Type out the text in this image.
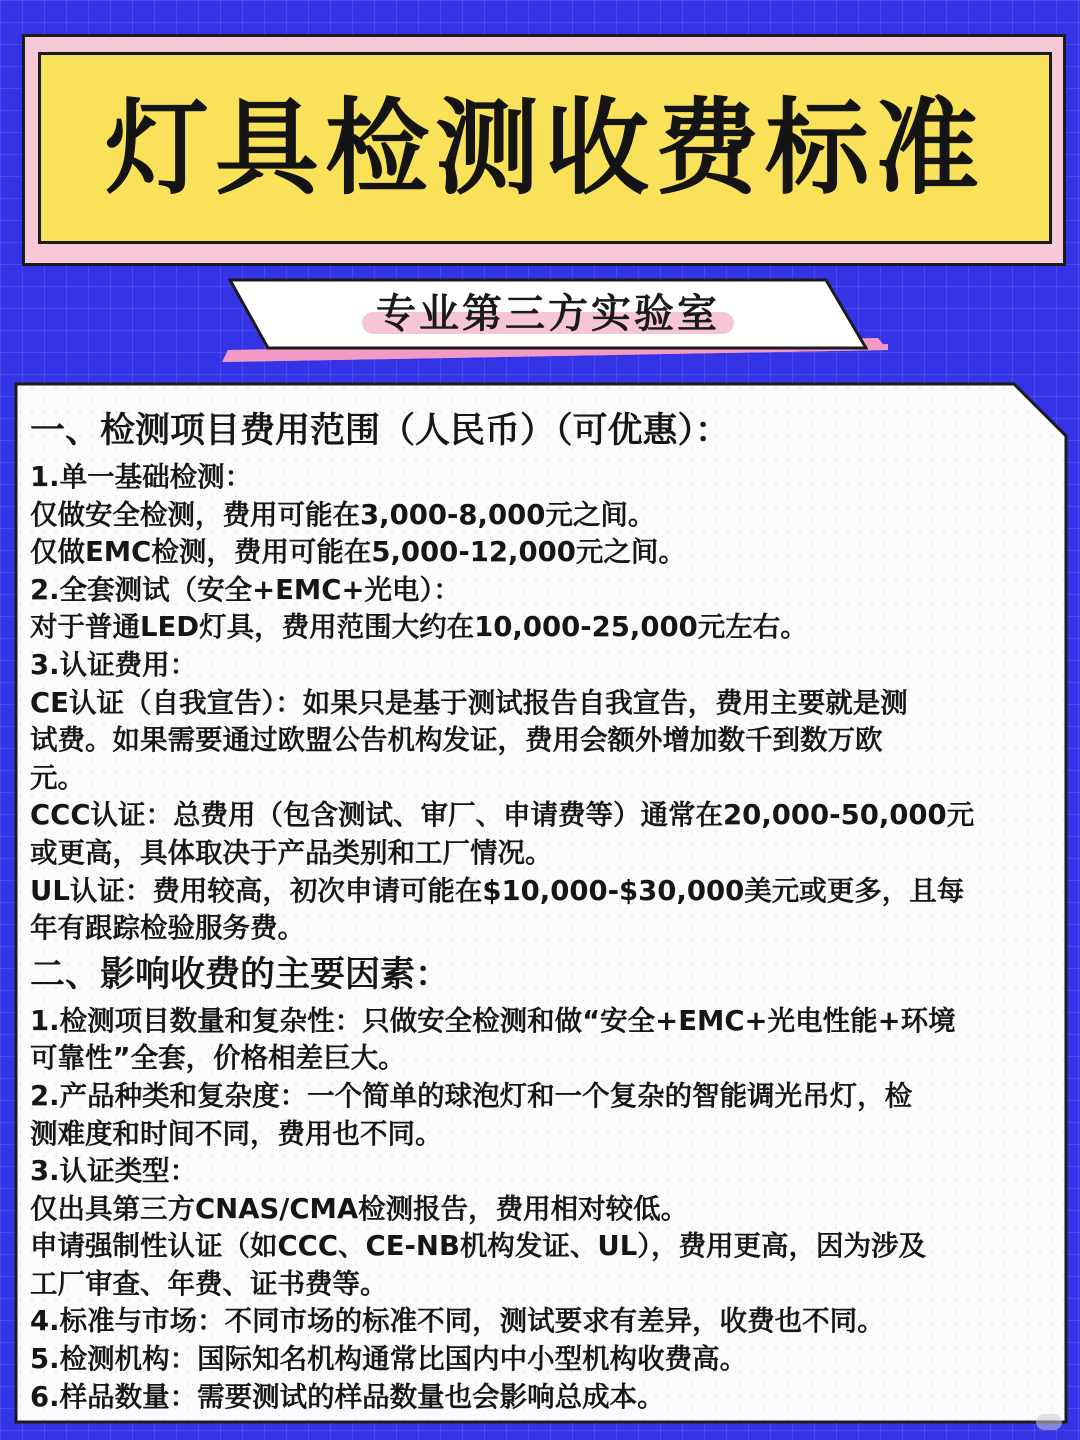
灯具检测收费标准
专业第三方实验室

一、检测项目费用范围（人民币）（可优惠）：

1.单一基础检测：

仅做安全检测，费用可能在3,000-8,000元之间。

仅做EMC检测，费用可能在5,000-12,000元之间。

2.全套测试（安全+EMC+光电）：

对于普通LED灯具，费用范围大约在10,000-25,000元左右。

3.认证费用：

CE认证（自我宣告）：如果只是基于测试报告自我宣告，费用主要就是测

试费。如果需要通过欧盟公告机构发证，费用会额外增加数千到数万欧

元。

CCC认证：总费用（包含测试、审厂、申请费等）通常在20,000-50,000元

或更高，具体取决于产品类别和工厂情况。

UL认证：费用较高，初次申请可能在$10,000-$30,000美元或更多，且每

年有跟踪检验服务费。

二、影响收费的主要因素：

1.检测项目数量和复杂性：只做安全检测和做“安全+EMC+光电性能+环境

可靠性”全套，价格相差巨大。

2.产品种类和复杂度：一个简单的球泡灯和一个复杂的智能调光吊灯，检

测难度和时间不同，费用也不同。

3.认证类型：

仅出具第三方CNAS/CMA检测报告，费用相对较低。

申请强制性认证（如CCC、CE-NB机构发证、UL），费用更高，因为涉及

工厂审查、年费、证书费等。

4.标准与市场：不同市场的标准不同，测试要求有差异，收费也不同。

5.检测机构：国际知名机构通常比国内中小型机构收费高。

6.样品数量：需要测试的样品数量也会影响总成本。
